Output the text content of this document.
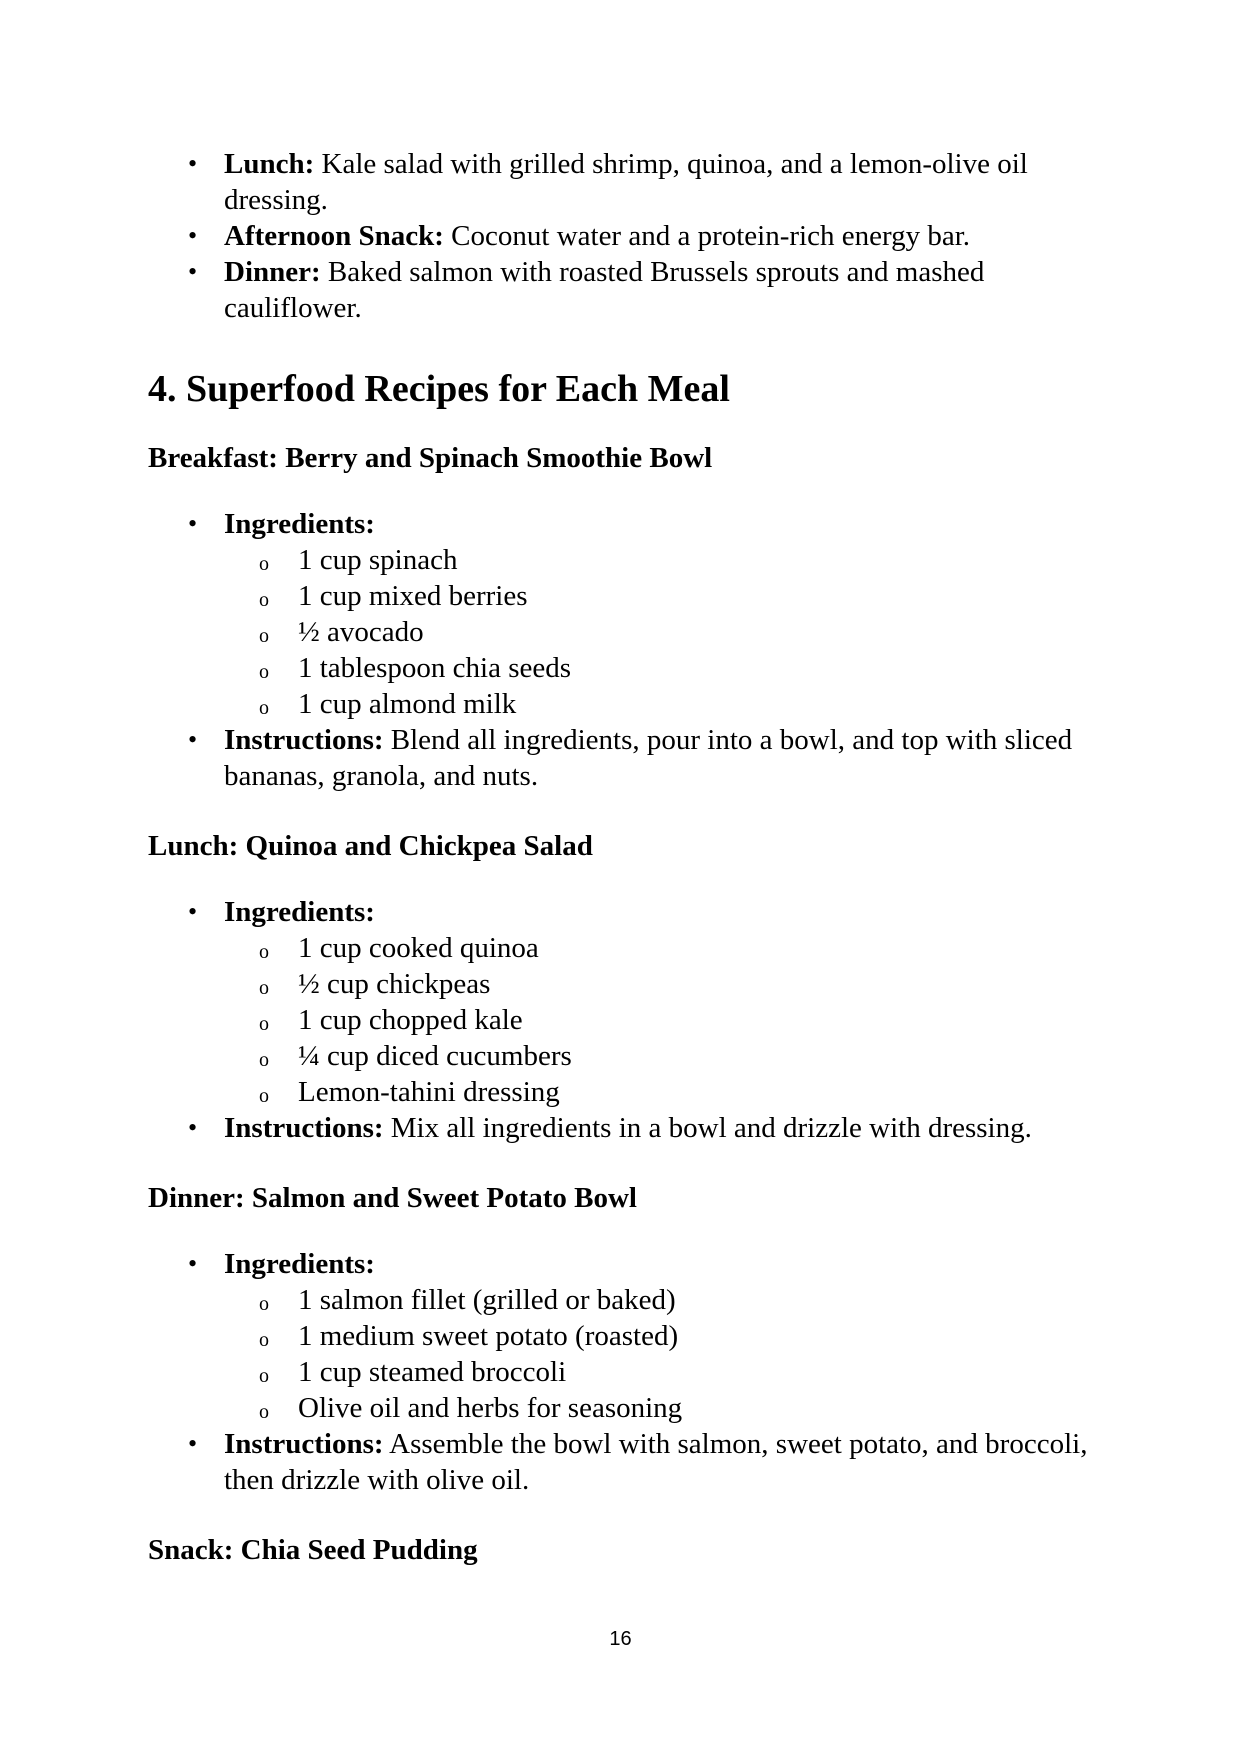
• Lunch: Kale salad with grilled shrimp, quinoa, and a lemon-olive oil dressing.
• Afternoon Snack: Coconut water and a protein-rich energy bar.
• Dinner: Baked salmon with roasted Brussels sprouts and mashed cauliflower.
4. Superfood Recipes for Each Meal
Breakfast: Berry and Spinach Smoothie Bowl
• Ingredients:
o 1 cup spinach
o 1 cup mixed berries
o ½ avocado
o 1 tablespoon chia seeds
o 1 cup almond milk
• Instructions: Blend all ingredients, pour into a bowl, and top with sliced bananas, granola, and nuts.
Lunch: Quinoa and Chickpea Salad
• Ingredients:
o 1 cup cooked quinoa
o ½ cup chickpeas
o 1 cup chopped kale
o ¼ cup diced cucumbers
o Lemon-tahini dressing
• Instructions: Mix all ingredients in a bowl and drizzle with dressing.
Dinner: Salmon and Sweet Potato Bowl
• Ingredients:
o 1 salmon fillet (grilled or baked)
o 1 medium sweet potato (roasted)
o 1 cup steamed broccoli
o Olive oil and herbs for seasoning
• Instructions: Assemble the bowl with salmon, sweet potato, and broccoli, then drizzle with olive oil.
Snack: Chia Seed Pudding
16
